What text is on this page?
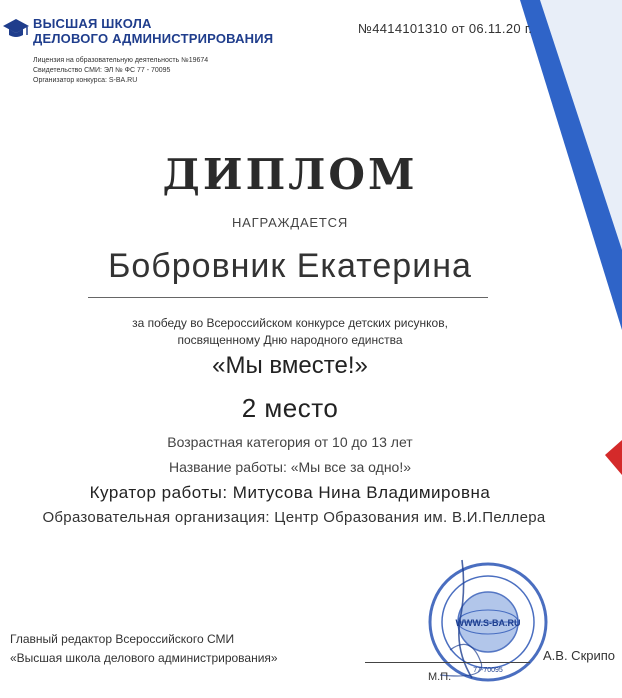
ВЫСШАЯ ШКОЛА
ДЕЛОВОГО АДМИНИСТРИРОВАНИЯ
Лицензия на образовательную деятельность №19674
Свидетельство СМИ: ЭЛ № ФС 77 - 70095
Организатор конкурса: S-BA.RU
№4414101310 от 06.11.20 г.
ДИПЛОМ
НАГРАЖДАЕТСЯ
Бобровник Екатерина
за победу во Всероссийском конкурсе детских рисунков,
посвященному Дню народного единства
«Мы вместе!»
2 место
Возрастная категория от 10 до 13 лет
Название работы: «Мы все за одно!»
Куратор работы: Митусова Нина Владимировна
Образовательная организация: Центр Образования им. В.И.Пеллера
WWW.S-BA.RU
77-70095
Главный редактор Всероссийского СМИ
«Высшая школа делового администрирования»
М.П.
А.В. Скрипо
